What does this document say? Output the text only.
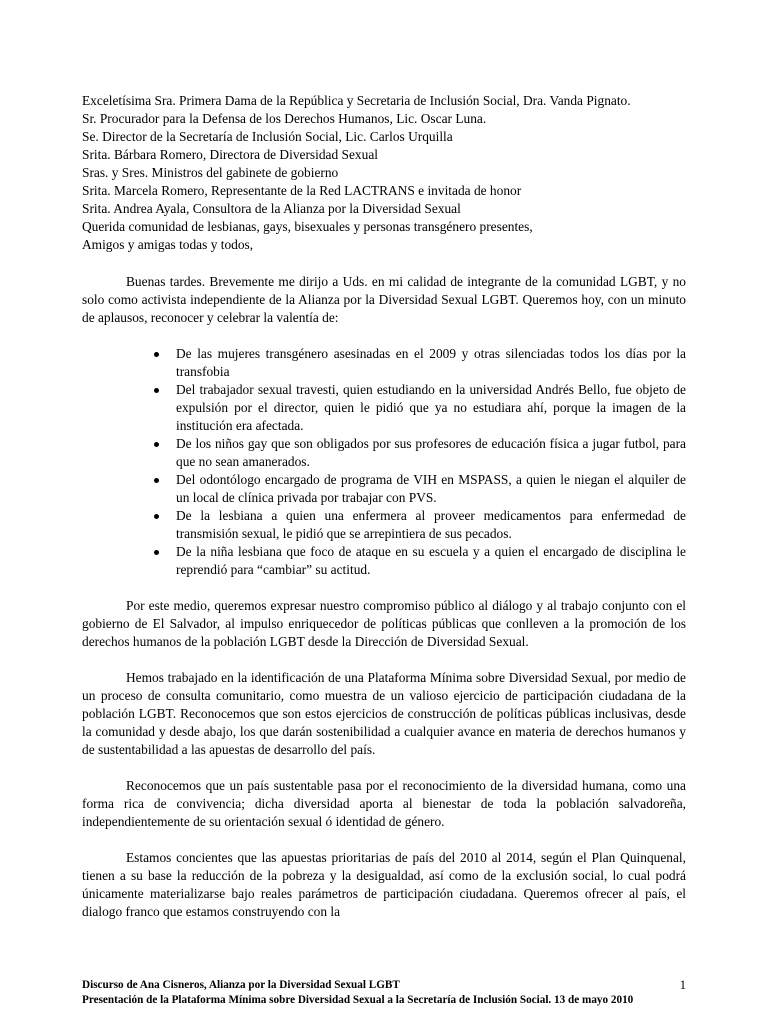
Exceletísima Sra. Primera Dama de la República y Secretaria de Inclusión Social, Dra. Vanda Pignato.
Sr. Procurador para la Defensa de los Derechos Humanos, Lic. Oscar Luna.
Se. Director de la Secretaría de Inclusión Social, Lic. Carlos Urquilla
Srita. Bárbara Romero, Directora de Diversidad Sexual
Sras. y Sres. Ministros del gabinete de gobierno
Srita. Marcela Romero, Representante de la Red LACTRANS e invitada de honor
Srita. Andrea Ayala, Consultora de la Alianza por la Diversidad Sexual
Querida comunidad de lesbianas, gays, bisexuales y personas transgénero presentes,
Amigos y amigas todas y todos,

Buenas tardes. Brevemente me dirijo a Uds. en mi calidad de integrante de la comunidad LGBT, y no solo como activista independiente de la Alianza por la Diversidad Sexual LGBT. Queremos hoy, con un minuto de aplausos, reconocer y celebrar la valentía de:

De las mujeres transgénero asesinadas en el 2009 y otras silenciadas todos los días por la transfobia
Del trabajador sexual travesti, quien estudiando en la universidad Andrés Bello, fue objeto de expulsión por el director, quien le pidió que ya no estudiara ahí, porque la imagen de la institución era afectada.
De los niños gay que son obligados por sus profesores de educación física a jugar futbol, para que no sean amanerados.
Del odontólogo encargado de programa de VIH en MSPASS, a quien le niegan el alquiler de un local de clínica privada por trabajar con PVS.
De la lesbiana a quien una enfermera al proveer medicamentos para enfermedad de transmisión sexual, le pidió que se arrepintiera de sus pecados.
De la niña lesbiana que foco de ataque en su escuela y a quien el encargado de disciplina le reprendió para “cambiar” su actitud.

Por este medio, queremos expresar nuestro compromiso público al diálogo y al trabajo conjunto con el gobierno de El Salvador, al impulso enriquecedor de políticas públicas que conlleven a la promoción de los derechos humanos de la población LGBT desde la Dirección de Diversidad Sexual.

Hemos trabajado en la identificación de una Plataforma Mínima sobre Diversidad Sexual, por medio de un proceso de consulta comunitario, como muestra de un valioso ejercicio de participación ciudadana de la población LGBT. Reconocemos que son estos ejercicios de construcción de políticas públicas inclusivas, desde la comunidad y desde abajo, los que darán sostenibilidad a cualquier avance en materia de derechos humanos y de sustentabilidad a las apuestas de desarrollo del país.

Reconocemos que un país sustentable pasa por el reconocimiento de la diversidad humana, como una forma rica de convivencia; dicha diversidad aporta al bienestar de toda la población salvadoreña, independientemente de su orientación sexual ó identidad de género.

Estamos concientes que las apuestas prioritarias de país del 2010 al 2014, según el Plan Quinquenal, tienen a su base la reducción de la pobreza y la desigualdad, así como de la exclusión social, lo cual podrá únicamente materializarse bajo reales parámetros de participación ciudadana. Queremos ofrecer al país, el dialogo franco que estamos construyendo con la

Discurso de Ana Cisneros, Alianza por la Diversidad Sexual LGBT	1
Presentación de la Plataforma Mínima sobre Diversidad Sexual a la Secretaría de Inclusión Social. 13 de mayo 2010
